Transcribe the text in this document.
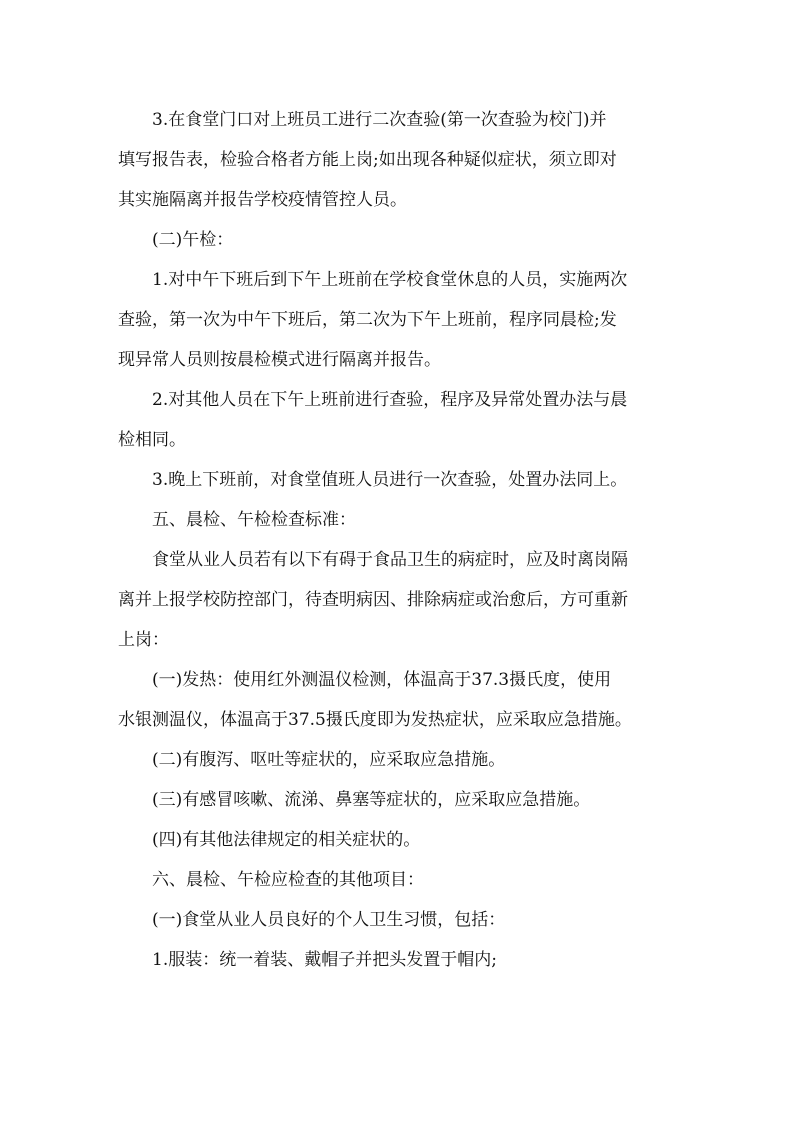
3.在食堂门口对上班员工进行二次查验(第一次查验为校门)并
填写报告表，检验合格者方能上岗;如出现各种疑似症状，须立即对
其实施隔离并报告学校疫情管控人员。

(二)午检：

1.对中午下班后到下午上班前在学校食堂休息的人员，实施两次
查验，第一次为中午下班后，第二次为下午上班前，程序同晨检;发
现异常人员则按晨检模式进行隔离并报告。

2.对其他人员在下午上班前进行查验，程序及异常处置办法与晨
检相同。

3.晚上下班前，对食堂值班人员进行一次查验，处置办法同上。

五、晨检、午检检查标准：

食堂从业人员若有以下有碍于食品卫生的病症时，应及时离岗隔
离并上报学校防控部门，待查明病因、排除病症或治愈后，方可重新
上岗：

(一)发热：使用红外测温仪检测，体温高于37.3摄氏度，使用
水银测温仪，体温高于37.5摄氏度即为发热症状，应采取应急措施。

(二)有腹泻、呕吐等症状的，应采取应急措施。

(三)有感冒咳嗽、流涕、鼻塞等症状的，应采取应急措施。

(四)有其他法律规定的相关症状的。

六、晨检、午检应检查的其他项目：

(一)食堂从业人员良好的个人卫生习惯，包括：

1.服装：统一着装、戴帽子并把头发置于帽内;
